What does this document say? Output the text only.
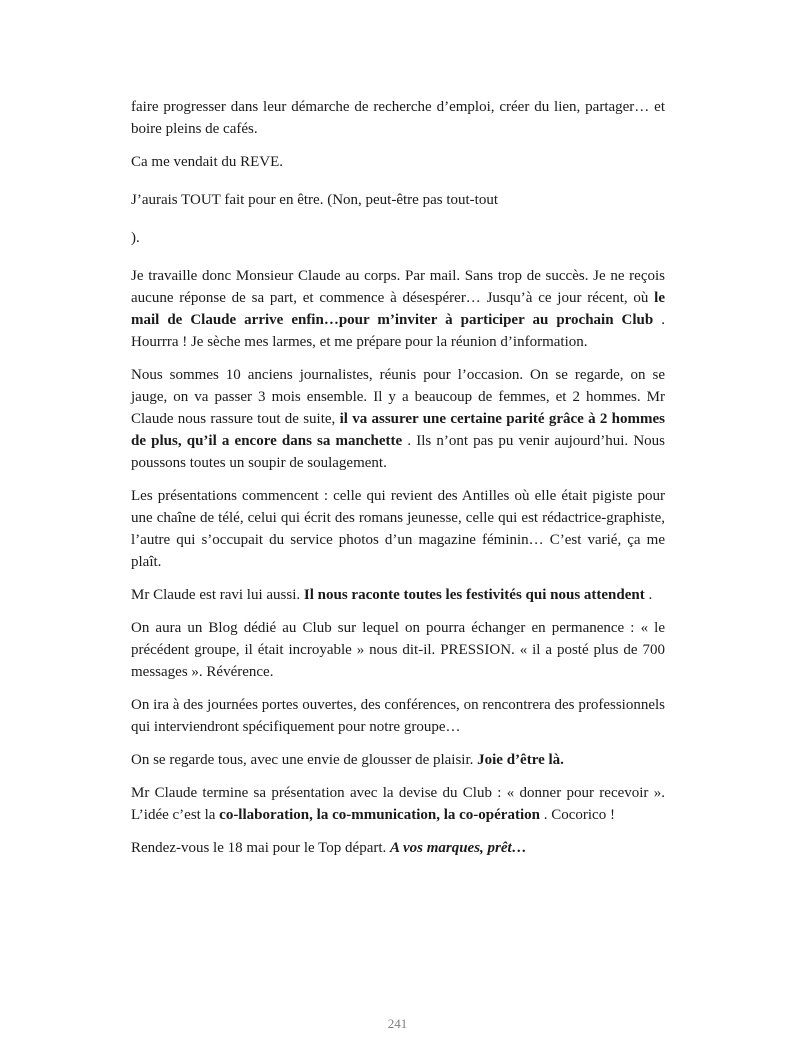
faire progresser dans leur démarche de recherche d’emploi, créer du lien, partager… et boire pleins de cafés.

Ca me vendait du REVE.

J’aurais TOUT fait pour en être. (Non, peut-être pas tout-tout

).

Je travaille donc Monsieur Claude au corps. Par mail. Sans trop de succès. Je ne reçois aucune réponse de sa part, et commence à désespérer… Jusqu’à ce jour récent, où le mail de Claude arrive enfin…pour m’inviter à participer au prochain Club . Hourrra ! Je sèche mes larmes, et me prépare pour la réunion d’information.

Nous sommes 10 anciens journalistes, réunis pour l’occasion. On se regarde, on se jauge, on va passer 3 mois ensemble. Il y a beaucoup de femmes, et 2 hommes. Mr Claude nous rassure tout de suite, il va assurer une certaine parité grâce à 2 hommes de plus, qu’il a encore dans sa manchette . Ils n’ont pas pu venir aujourd’hui. Nous poussons toutes un soupir de soulagement.

Les présentations commencent : celle qui revient des Antilles où elle était pigiste pour une chaîne de télé, celui qui écrit des romans jeunesse, celle qui est rédactrice-graphiste, l’autre qui s’occupait du service photos d’un magazine féminin… C’est varié, ça me plaît.

Mr Claude est ravi lui aussi. Il nous raconte toutes les festivités qui nous attendent .

On aura un Blog dédié au Club sur lequel on pourra échanger en permanence : « le précédent groupe, il était incroyable » nous dit-il. PRESSION. « il a posté plus de 700 messages ». Révérence.

On ira à des journées portes ouvertes, des conférences, on rencontrera des professionnels qui interviendront spécifiquement pour notre groupe…

On se regarde tous, avec une envie de glousser de plaisir. Joie d’être là.

Mr Claude termine sa présentation avec la devise du Club : « donner pour recevoir ». L’idée c’est la co-llaboration, la co-mmunication, la co-opération . Cocorico !

Rendez-vous le 18 mai pour le Top départ. A vos marques, prêt…

241
